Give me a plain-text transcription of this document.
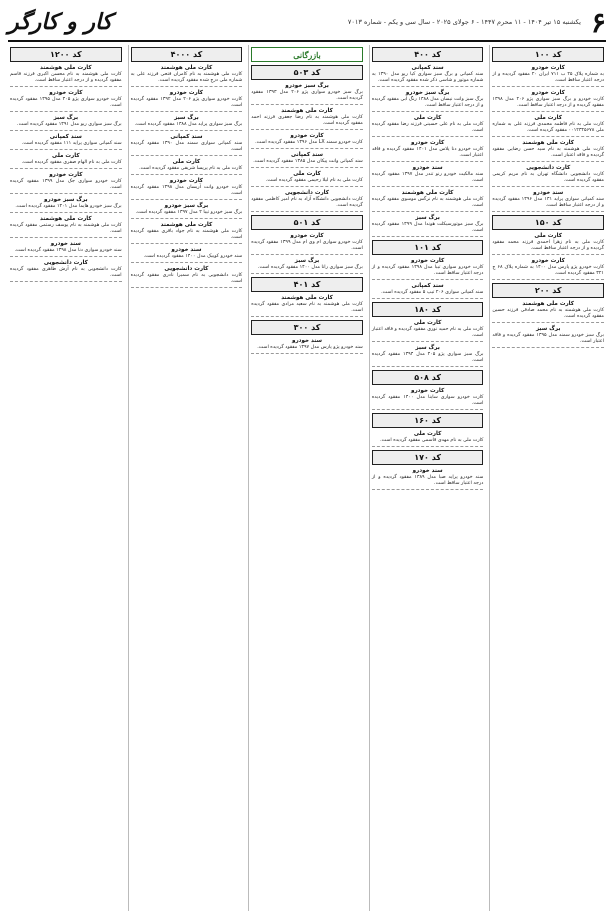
۶
یکشنبه ۱۵ تیر ۱۴۰۴ - ۱۱ محرم ۱۴۴۷ - ۶ جولای ۲۰۲۵ - سال سی و یکم - شماره ۷۰۱۳
کار و کارگر
کد ۱۰۰
کارت خودرو
به شماره پلاک ۲۵ ب ۷۱۱ ایران ۲۰ مفقود گردیده و از درجه اعتبار ساقط است.
کارت خودرو
کارت خودرو و برگ سبز سواری پژو ۲۰۶ مدل ۱۳۹۸ مفقود گردیده و از درجه اعتبار ساقط است.
کارت ملی
کارت ملی به نام فاطمه محمدی فرزند علی به شماره ملی ۰۰۱۲۳۴۵۶۷۸ مفقود گردیده است.
کارت ملی هوشمند
کارت ملی هوشمند به نام سید حسن رضایی مفقود گردیده و فاقد اعتبار است.
کارت دانشجویی
کارت دانشجویی دانشگاه تهران به نام مریم کریمی مفقود گردیده است.
سند خودرو
سند کمپانی سواری پراید ۱۳۱ مدل ۱۳۹۶ مفقود گردیده و از درجه اعتبار ساقط است.
کد ۱۵۰
کارت ملی
کارت ملی به نام زهرا احمدی فرزند محمد مفقود گردیده و از درجه اعتبار ساقط است.
کارت خودرو
کارت خودرو پژو پارس مدل ۱۴۰۰ به شماره پلاک ۶۸ ج ۳۲۱ مفقود گردیده است.
کد ۲۰۰
کارت ملی هوشمند
کارت ملی هوشمند به نام محمد صادقی فرزند حسین مفقود گردیده است.
برگ سبز
برگ سبز خودرو سمند مدل ۱۳۹۵ مفقود گردیده و فاقد اعتبار است.
کد ۴۰۰
سند کمپانی
سند کمپانی و برگ سبز سواری کیا ریو مدل ۱۳۹۰ به شماره موتور و شاسی ذکر شده مفقود گردیده است.
برگ سبز خودرو
برگ سبز وانت نیسان مدل ۱۳۸۸ رنگ آبی مفقود گردیده و از درجه اعتبار ساقط است.
کارت ملی
کارت ملی به نام علی حسینی فرزند رضا مفقود گردیده است.
کارت خودرو
کارت خودرو دنا پلاس مدل ۱۴۰۱ مفقود گردیده و فاقد اعتبار است.
سند خودرو
سند مالکیت خودرو رنو تندر مدل ۱۳۹۷ مفقود گردیده است.
کارت ملی هوشمند
کارت ملی هوشمند به نام نرگس موسوی مفقود گردیده است.
برگ سبز
برگ سبز موتورسیکلت هوندا مدل ۱۳۹۹ مفقود گردیده است.
کد ۱۰۱
کارت خودرو
کارت خودرو سواری تیبا مدل ۱۳۹۸ مفقود گردیده و از درجه اعتبار ساقط است.
سند کمپانی
سند کمپانی سواری ۲۰۶ تیپ ۵ مفقود گردیده است.
کد ۱۸۰
کارت ملی
کارت ملی به نام حمید نوری مفقود گردیده و فاقد اعتبار است.
برگ سبز
برگ سبز سواری پژو ۴۰۵ مدل ۱۳۹۴ مفقود گردیده است.
کد ۵۰۸
کارت خودرو
کارت خودرو سواری ساینا مدل ۱۴۰۰ مفقود گردیده است.
کد ۱۶۰
کارت ملی
کارت ملی به نام مهدی قاسمی مفقود گردیده است.
کد ۱۷۰
سند خودرو
سند خودرو پراید صبا مدل ۱۳۸۹ مفقود گردیده و از درجه اعتبار ساقط است.
بازرگانی
کد ۵۰۳
برگ سبز خودرو
برگ سبز خودرو سواری پژو ۲۰۶ مدل ۱۳۹۳ مفقود گردیده است.
کارت ملی هوشمند
کارت ملی هوشمند به نام رضا جعفری فرزند احمد مفقود گردیده است.
کارت خودرو
کارت خودرو سمند LX مدل ۱۳۹۶ مفقود گردیده است.
سند کمپانی
سند کمپانی وانت پیکان مدل ۱۳۸۵ مفقود گردیده است.
کارت ملی
کارت ملی به نام لیلا رحیمی مفقود گردیده است.
کارت دانشجویی
کارت دانشجویی دانشگاه آزاد به نام امیر کاظمی مفقود گردیده است.
کد ۵۰۱
کارت خودرو
کارت خودرو سواری ام وی ام مدل ۱۳۹۹ مفقود گردیده است.
برگ سبز
برگ سبز سواری رانا مدل ۱۴۰۰ مفقود گردیده است.
کد ۴۰۱
کارت ملی هوشمند
کارت ملی هوشمند به نام سعید مرادی مفقود گردیده است.
کد ۳۰۰
سند خودرو
سند خودرو پژو پارس مدل ۱۳۹۷ مفقود گردیده است.
کد ۴۰۰۰
کارت ملی هوشمند
کارت ملی هوشمند به نام کامران فتحی فرزند علی به شماره ملی درج شده مفقود گردیده است.
کارت خودرو
کارت خودرو سواری پژو ۲۰۶ مدل ۱۳۹۲ مفقود گردیده است.
برگ سبز
برگ سبز سواری پراید مدل ۱۳۸۸ مفقود گردیده است.
سند کمپانی
سند کمپانی سواری سمند مدل ۱۳۹۰ مفقود گردیده است.
کارت ملی
کارت ملی به نام پریسا شریفی مفقود گردیده است.
کارت خودرو
کارت خودرو وانت آریسان مدل ۱۳۹۸ مفقود گردیده است.
برگ سبز خودرو
برگ سبز خودرو تیبا ۲ مدل ۱۳۹۷ مفقود گردیده است.
کارت ملی هوشمند
کارت ملی هوشمند به نام جواد باقری مفقود گردیده است.
سند خودرو
سند خودرو کوییک مدل ۱۴۰۰ مفقود گردیده است.
کارت دانشجویی
کارت دانشجویی به نام سمیرا نادری مفقود گردیده است.
کد ۱۲۰۰
کارت ملی هوشمند
کارت ملی هوشمند به نام محسن اکبری فرزند قاسم مفقود گردیده و از درجه اعتبار ساقط است.
کارت خودرو
کارت خودرو سواری پژو ۴۰۵ مدل ۱۳۹۵ مفقود گردیده است.
برگ سبز
برگ سبز سواری ریو مدل ۱۳۹۱ مفقود گردیده است.
سند کمپانی
سند کمپانی سواری پراید ۱۱۱ مفقود گردیده است.
کارت ملی
کارت ملی به نام الهام صفری مفقود گردیده است.
کارت خودرو
کارت خودرو سواری جک مدل ۱۳۹۹ مفقود گردیده است.
برگ سبز خودرو
برگ سبز خودرو هایما مدل ۱۴۰۱ مفقود گردیده است.
کارت ملی هوشمند
کارت ملی هوشمند به نام یوسف رستمی مفقود گردیده است.
سند خودرو
سند خودرو سواری دنا مدل ۱۳۹۸ مفقود گردیده است.
کارت دانشجویی
کارت دانشجویی به نام آرش طاهری مفقود گردیده است.
